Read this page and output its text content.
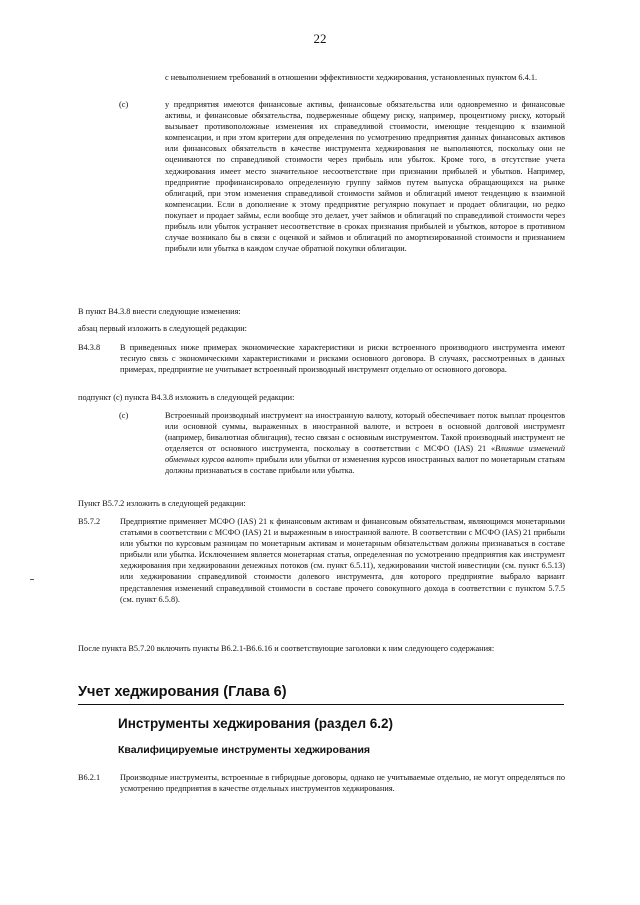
22

с невыполнением требований в отношении эффективности хеджирования, установленных пунктом 6.4.1.

(c)	у предприятия имеются финансовые активы, финансовые обязательства или одновременно и финансовые активы, и финансовые обязательства, подверженные общему риску, например, процентному риску, который вызывает противоположные изменения их справедливой стоимости, имеющие тенденцию к взаимной компенсации, и при этом критерии для определения по усмотрению предприятия данных финансовых активов или финансовых обязательств в качестве инструмента хеджирования не выполняются, поскольку они не оцениваются по справедливой стоимости через прибыль или убыток. Кроме того, в отсутствие учета хеджирования имеет место значительное несоответствие при признании прибылей и убытков. Например, предприятие профинансировало определенную группу займов путем выпуска обращающихся на рынке облигаций, при этом изменения справедливой стоимости займов и облигаций имеют тенденцию к взаимной компенсации. Если в дополнение к этому предприятие регулярно покупает и продает облигации, но редко покупает и продает займы, если вообще это делает, учет займов и облигаций по справедливой стоимости через прибыль или убыток устраняет несоответствие в сроках признания прибылей и убытков, которое в противном случае возникало бы в связи с оценкой и займов и облигаций по амортизированной стоимости и признанием прибыли или убытка в каждом случае обратной покупки облигации.

В пункт B4.3.8 внести следующие изменения:

абзац первый изложить в следующей редакции:

B4.3.8 В приведенных ниже примерах экономические характеристики и риски встроенного производного инструмента имеют тесную связь с экономическими характеристиками и рисками основного договора. В случаях, рассмотренных в данных примерах, предприятие не учитывает встроенный производный инструмент отдельно от основного договора.

подпункт (c) пункта B4.3.8 изложить в следующей редакции:

(c)	Встроенный производный инструмент на иностранную валюту, который обеспечивает поток выплат процентов или основной суммы, выраженных в иностранной валюте, и встроен в основной долговой инструмент (например, бивалютная облигация), тесно связан с основным инструментом. Такой производный инструмент не отделяется от основного инструмента, поскольку в соответствии с МСФО (IAS) 21 «Влияние изменений обменных курсов валют» прибыли или убытки от изменения курсов иностранных валют по монетарным статьям должны признаваться в составе прибыли или убытка.

Пункт B5.7.2 изложить в следующей редакции:

B5.7.2 Предприятие применяет МСФО (IAS) 21 к финансовым активам и финансовым обязательствам, являющимся монетарными статьями в соответствии с МСФО (IAS) 21 и выраженным в иностранной валюте. В соответствии с МСФО (IAS) 21 прибыли или убытки по курсовым разницам по монетарным активам и монетарным обязательствам должны признаваться в составе прибыли или убытка. Исключением является монетарная статья, определенная по усмотрению предприятия как инструмент хеджирования при хеджировании денежных потоков (см. пункт 6.5.11), хеджировании чистой инвестиции (см. пункт 6.5.13) или хеджировании справедливой стоимости долевого инструмента, для которого предприятие выбрало вариант представления изменений справедливой стоимости в составе прочего совокупного дохода в соответствии с пунктом 5.7.5 (см. пункт 6.5.8).

После пункта B5.7.20 включить пункты B6.2.1-B6.6.16 и соответствующие заголовки к ним следующего содержания:

Учет хеджирования (Глава 6)
Инструменты хеджирования (раздел 6.2)
Квалифицируемые инструменты хеджирования

B6.2.1 Производные инструменты, встроенные в гибридные договоры, однако не учитываемые отдельно, не могут определяться по усмотрению предприятия в качестве отдельных инструментов хеджирования.
